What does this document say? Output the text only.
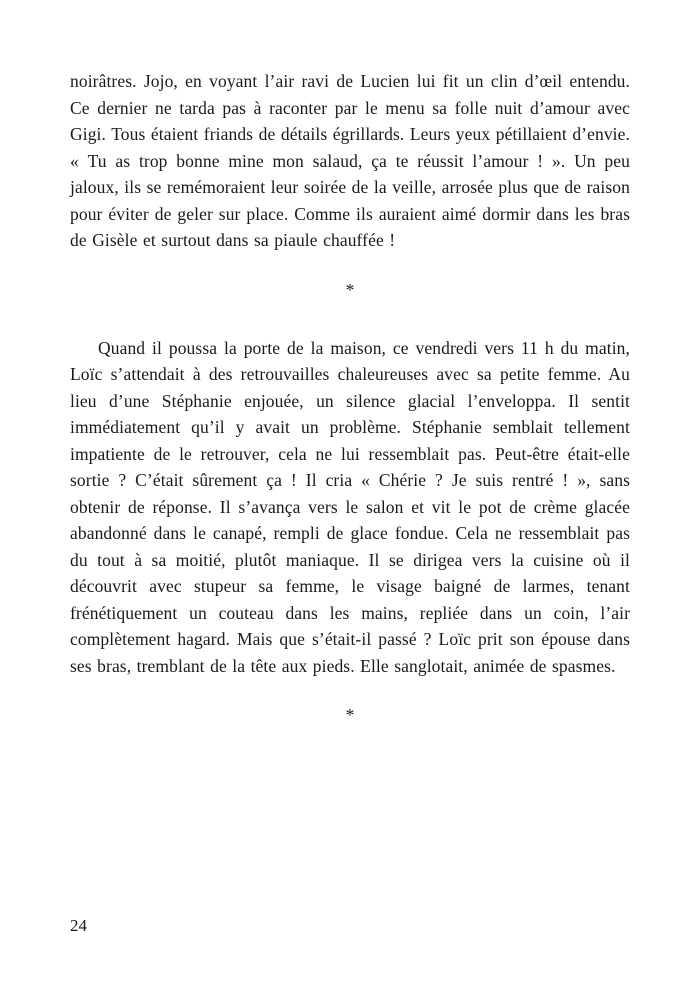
noirâtres. Jojo, en voyant l’air ravi de Lucien lui fit un clin d’œil entendu. Ce dernier ne tarda pas à raconter par le menu sa folle nuit d’amour avec Gigi. Tous étaient friands de détails égrillards. Leurs yeux pétillaient d’envie. « Tu as trop bonne mine mon salaud, ça te réussit l’amour ! ». Un peu jaloux, ils se remémoraient leur soirée de la veille, arrosée plus que de raison pour éviter de geler sur place. Comme ils auraient aimé dormir dans les bras de Gisèle et surtout dans sa piaule chauffée !

*

Quand il poussa la porte de la maison, ce vendredi vers 11 h du matin, Loïc s’attendait à des retrouvailles chaleureuses avec sa petite femme. Au lieu d’une Stéphanie enjouée, un silence glacial l’enveloppa. Il sentit immédiatement qu’il y avait un problème. Stéphanie semblait tellement impatiente de le retrouver, cela ne lui ressemblait pas. Peut-être était-elle sortie ? C’était sûrement ça ! Il cria « Chérie ? Je suis rentré ! », sans obtenir de réponse. Il s’avança vers le salon et vit le pot de crème glacée abandonné dans le canapé, rempli de glace fondue. Cela ne ressemblait pas du tout à sa moitié, plutôt maniaque. Il se dirigea vers la cuisine où il découvrit avec stupeur sa femme, le visage baigné de larmes, tenant frénétiquement un couteau dans les mains, repliée dans un coin, l’air complètement hagard. Mais que s’était-il passé ? Loïc prit son épouse dans ses bras, tremblant de la tête aux pieds. Elle sanglotait, animée de spasmes.

*
24
